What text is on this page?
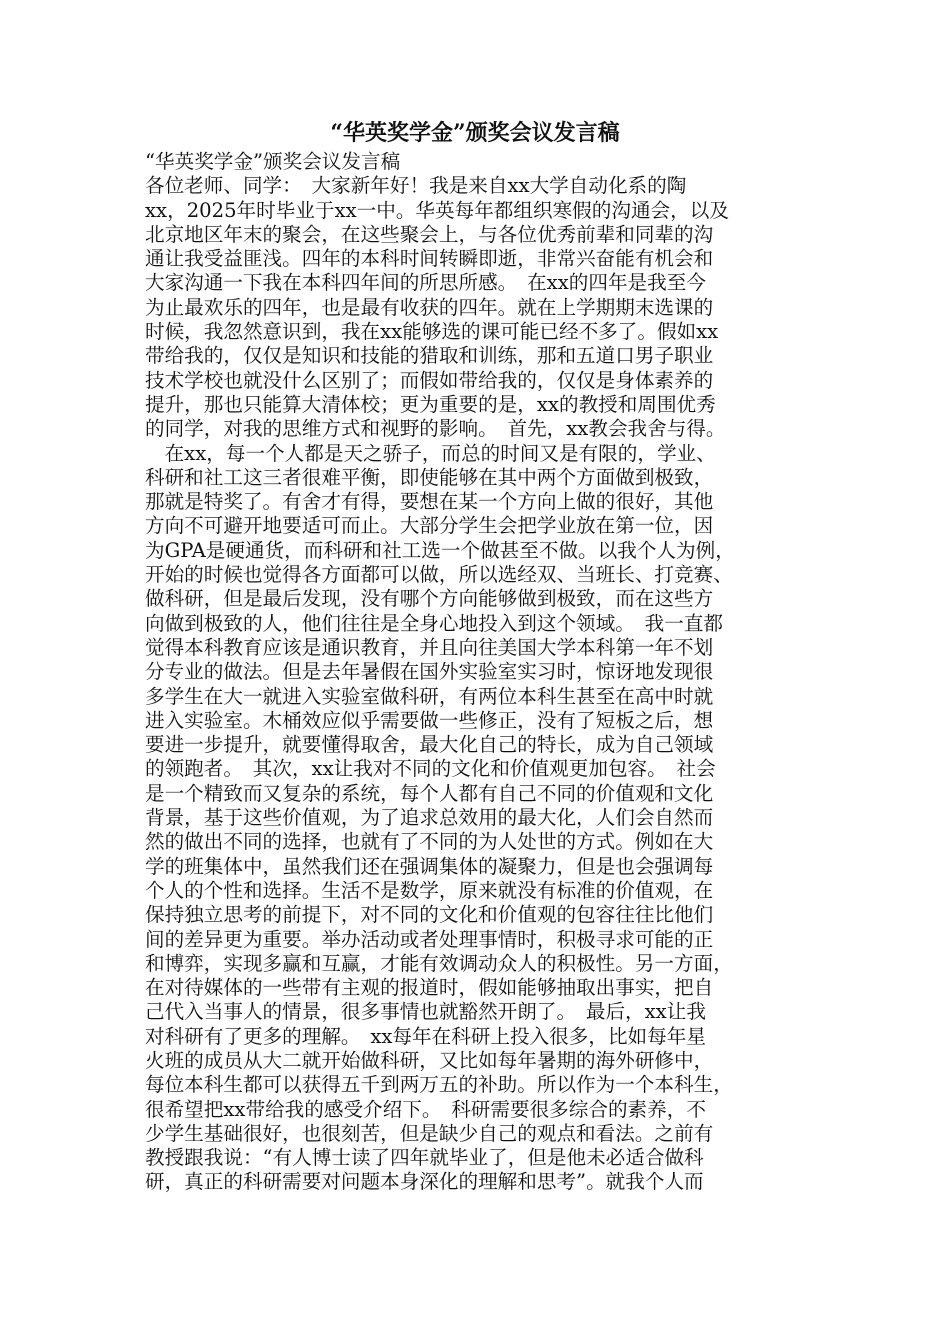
“华英奖学金”颁奖会议发言稿
“华英奖学金”颁奖会议发言稿
各位老师、同学：　大家新年好！我是来自xx大学自动化系的陶
xx，2025年时毕业于xx一中。华英每年都组织寒假的沟通会，以及
北京地区年末的聚会，在这些聚会上，与各位优秀前辈和同辈的沟
通让我受益匪浅。四年的本科时间转瞬即逝，非常兴奋能有机会和
大家沟通一下我在本科四年间的所思所感。　在xx的四年是我至今
为止最欢乐的四年，也是最有收获的四年。就在上学期期末选课的
时候，我忽然意识到，我在xx能够选的课可能已经不多了。假如xx
带给我的，仅仅是知识和技能的猎取和训练，那和五道口男子职业
技术学校也就没什么区别了；而假如带给我的，仅仅是身体素养的
提升，那也只能算大清体校；更为重要的是，xx的教授和周围优秀
的同学，对我的思维方式和视野的影响。　首先，xx教会我舍与得。
　在xx，每一个人都是天之骄子，而总的时间又是有限的，学业、
科研和社工这三者很难平衡，即使能够在其中两个方面做到极致，
那就是特奖了。有舍才有得，要想在某一个方向上做的很好，其他
方向不可避开地要适可而止。大部分学生会把学业放在第一位，因
为GPA是硬通货，而科研和社工选一个做甚至不做。以我个人为例，
开始的时候也觉得各方面都可以做，所以选经双、当班长、打竞赛、
做科研，但是最后发现，没有哪个方向能够做到极致，而在这些方
向做到极致的人，他们往往是全身心地投入到这个领域。　我一直都
觉得本科教育应该是通识教育，并且向往美国大学本科第一年不划
分专业的做法。但是去年暑假在国外实验室实习时，惊讶地发现很
多学生在大一就进入实验室做科研，有两位本科生甚至在高中时就
进入实验室。木桶效应似乎需要做一些修正，没有了短板之后，想
要进一步提升，就要懂得取舍，最大化自己的特长，成为自己领域
的领跑者。　其次，xx让我对不同的文化和价值观更加包容。　社会
是一个精致而又复杂的系统，每个人都有自己不同的价值观和文化
背景，基于这些价值观，为了追求总效用的最大化，人们会自然而
然的做出不同的选择，也就有了不同的为人处世的方式。例如在大
学的班集体中，虽然我们还在强调集体的凝聚力，但是也会强调每
个人的个性和选择。生活不是数学，原来就没有标准的价值观，在
保持独立思考的前提下，对不同的文化和价值观的包容往往比他们
间的差异更为重要。举办活动或者处理事情时，积极寻求可能的正
和博弈，实现多赢和互赢，才能有效调动众人的积极性。另一方面，
在对待媒体的一些带有主观的报道时，假如能够抽取出事实，把自
己代入当事人的情景，很多事情也就豁然开朗了。　最后，xx让我
对科研有了更多的理解。　xx每年在科研上投入很多，比如每年星
火班的成员从大二就开始做科研，又比如每年暑期的海外研修中，
每位本科生都可以获得五千到两万五的补助。所以作为一个本科生，
很希望把xx带给我的感受介绍下。　科研需要很多综合的素养，不
少学生基础很好，也很刻苦，但是缺少自己的观点和看法。之前有
教授跟我说：“有人博士读了四年就毕业了，但是他未必适合做科
研，真正的科研需要对问题本身深化的理解和思考”。就我个人而
